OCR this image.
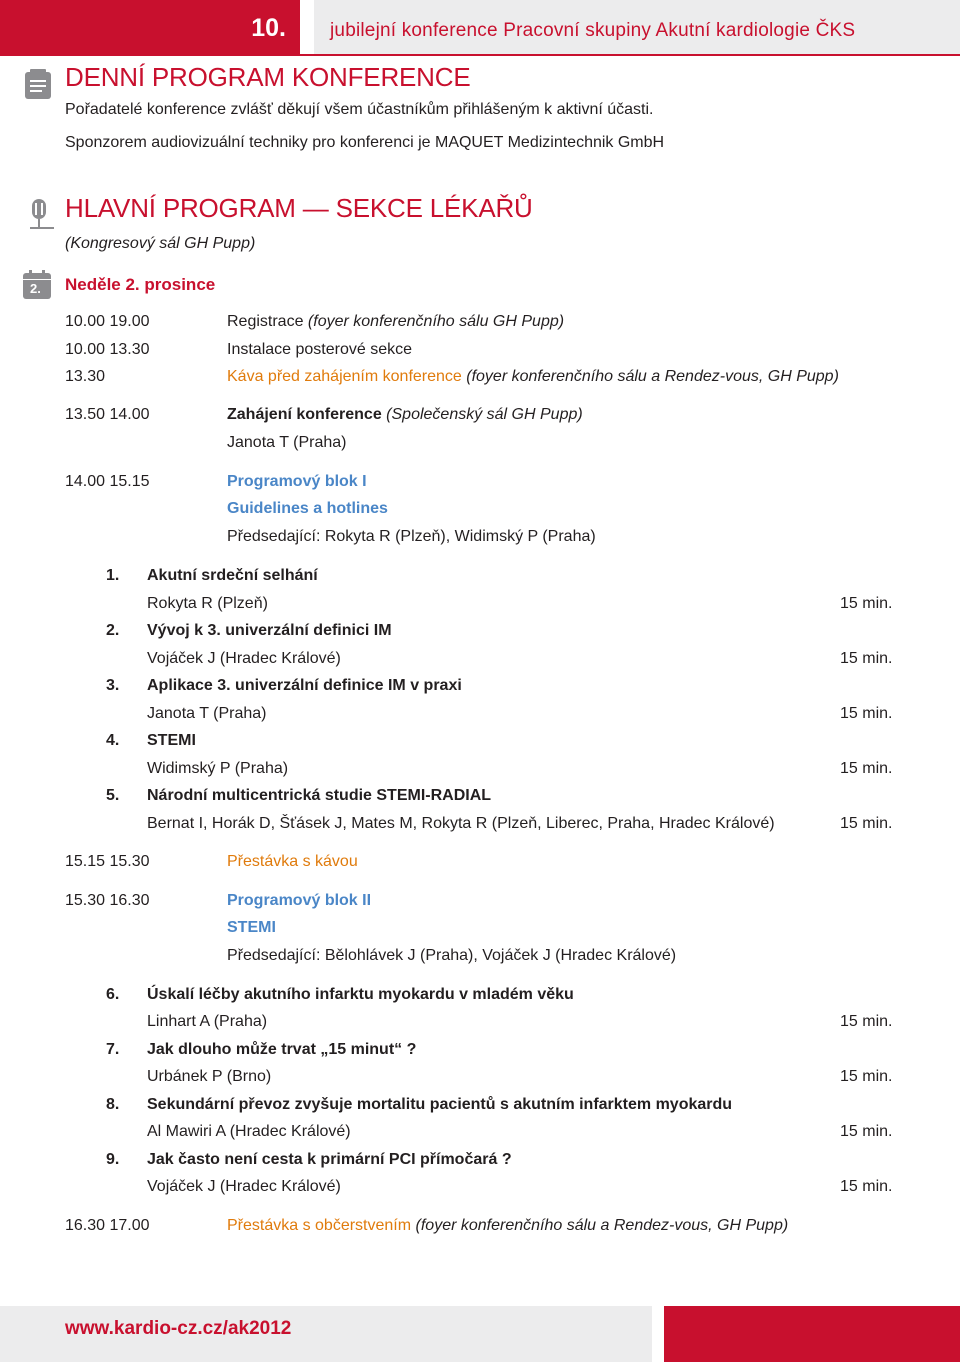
10. jubilejní konference Pracovní skupiny Akutní kardiologie ČKS
DENNÍ PROGRAM KONFERENCE
Pořadatelé konference zvlášť děkují všem účastníkům přihlášeným k aktivní účasti.
Sponzorem audiovizuální techniky pro konferenci je MAQUET Medizintechnik GmbH
HLAVNÍ PROGRAM — SEKCE LÉKAŘŮ
(Kongresový sál GH Pupp)
2. Neděle 2. prosince
10.00 19.00	Registrace (foyer konferenčního sálu GH Pupp)
10.00 13.30	Instalace posterové sekce
13.30	Káva před zahájením konference (foyer konferenčního sálu a Rendez-vous, GH Pupp)
13.50 14.00	Zahájení konference (Společenský sál GH Pupp)
Janota T (Praha)
14.00 15.15	Programový blok I
Guidelines a hotlines
Předsedající: Rokyta R (Plzeň), Widimský P (Praha)
1. Akutní srdeční selhání
Rokyta R (Plzeň)	15 min.
2. Vývoj k 3. univerzální definici IM
Vojáček J (Hradec Králové)	15 min.
3. Aplikace 3. univerzální definice IM v praxi
Janota T (Praha)	15 min.
4. STEMI
Widimský P (Praha)	15 min.
5. Národní multicentrická studie STEMI-RADIAL
Bernat I, Horák D, Šťásek J, Mates M, Rokyta R (Plzeň, Liberec, Praha, Hradec Králové)	15 min.
15.15 15.30	Přestávka s kávou
15.30 16.30	Programový blok II
STEMI
Předsedající: Bělohlávek J (Praha), Vojáček J (Hradec Králové)
6. Úskalí léčby akutního infarktu myokardu v mladém věku
Linhart A (Praha)	15 min.
7. Jak dlouho může trvat „15 minut“ ?
Urbánek P (Brno)	15 min.
8. Sekundární převoz zvyšuje mortalitu pacientů s akutním infarktem myokardu
Al Mawiri A (Hradec Králové)	15 min.
9. Jak často není cesta k primární PCI přímočará ?
Vojáček J (Hradec Králové)	15 min.
16.30 17.00	Přestávka s občerstvením (foyer konferenčního sálu a Rendez-vous, GH Pupp)
www.kardio-cz.cz/ak2012
